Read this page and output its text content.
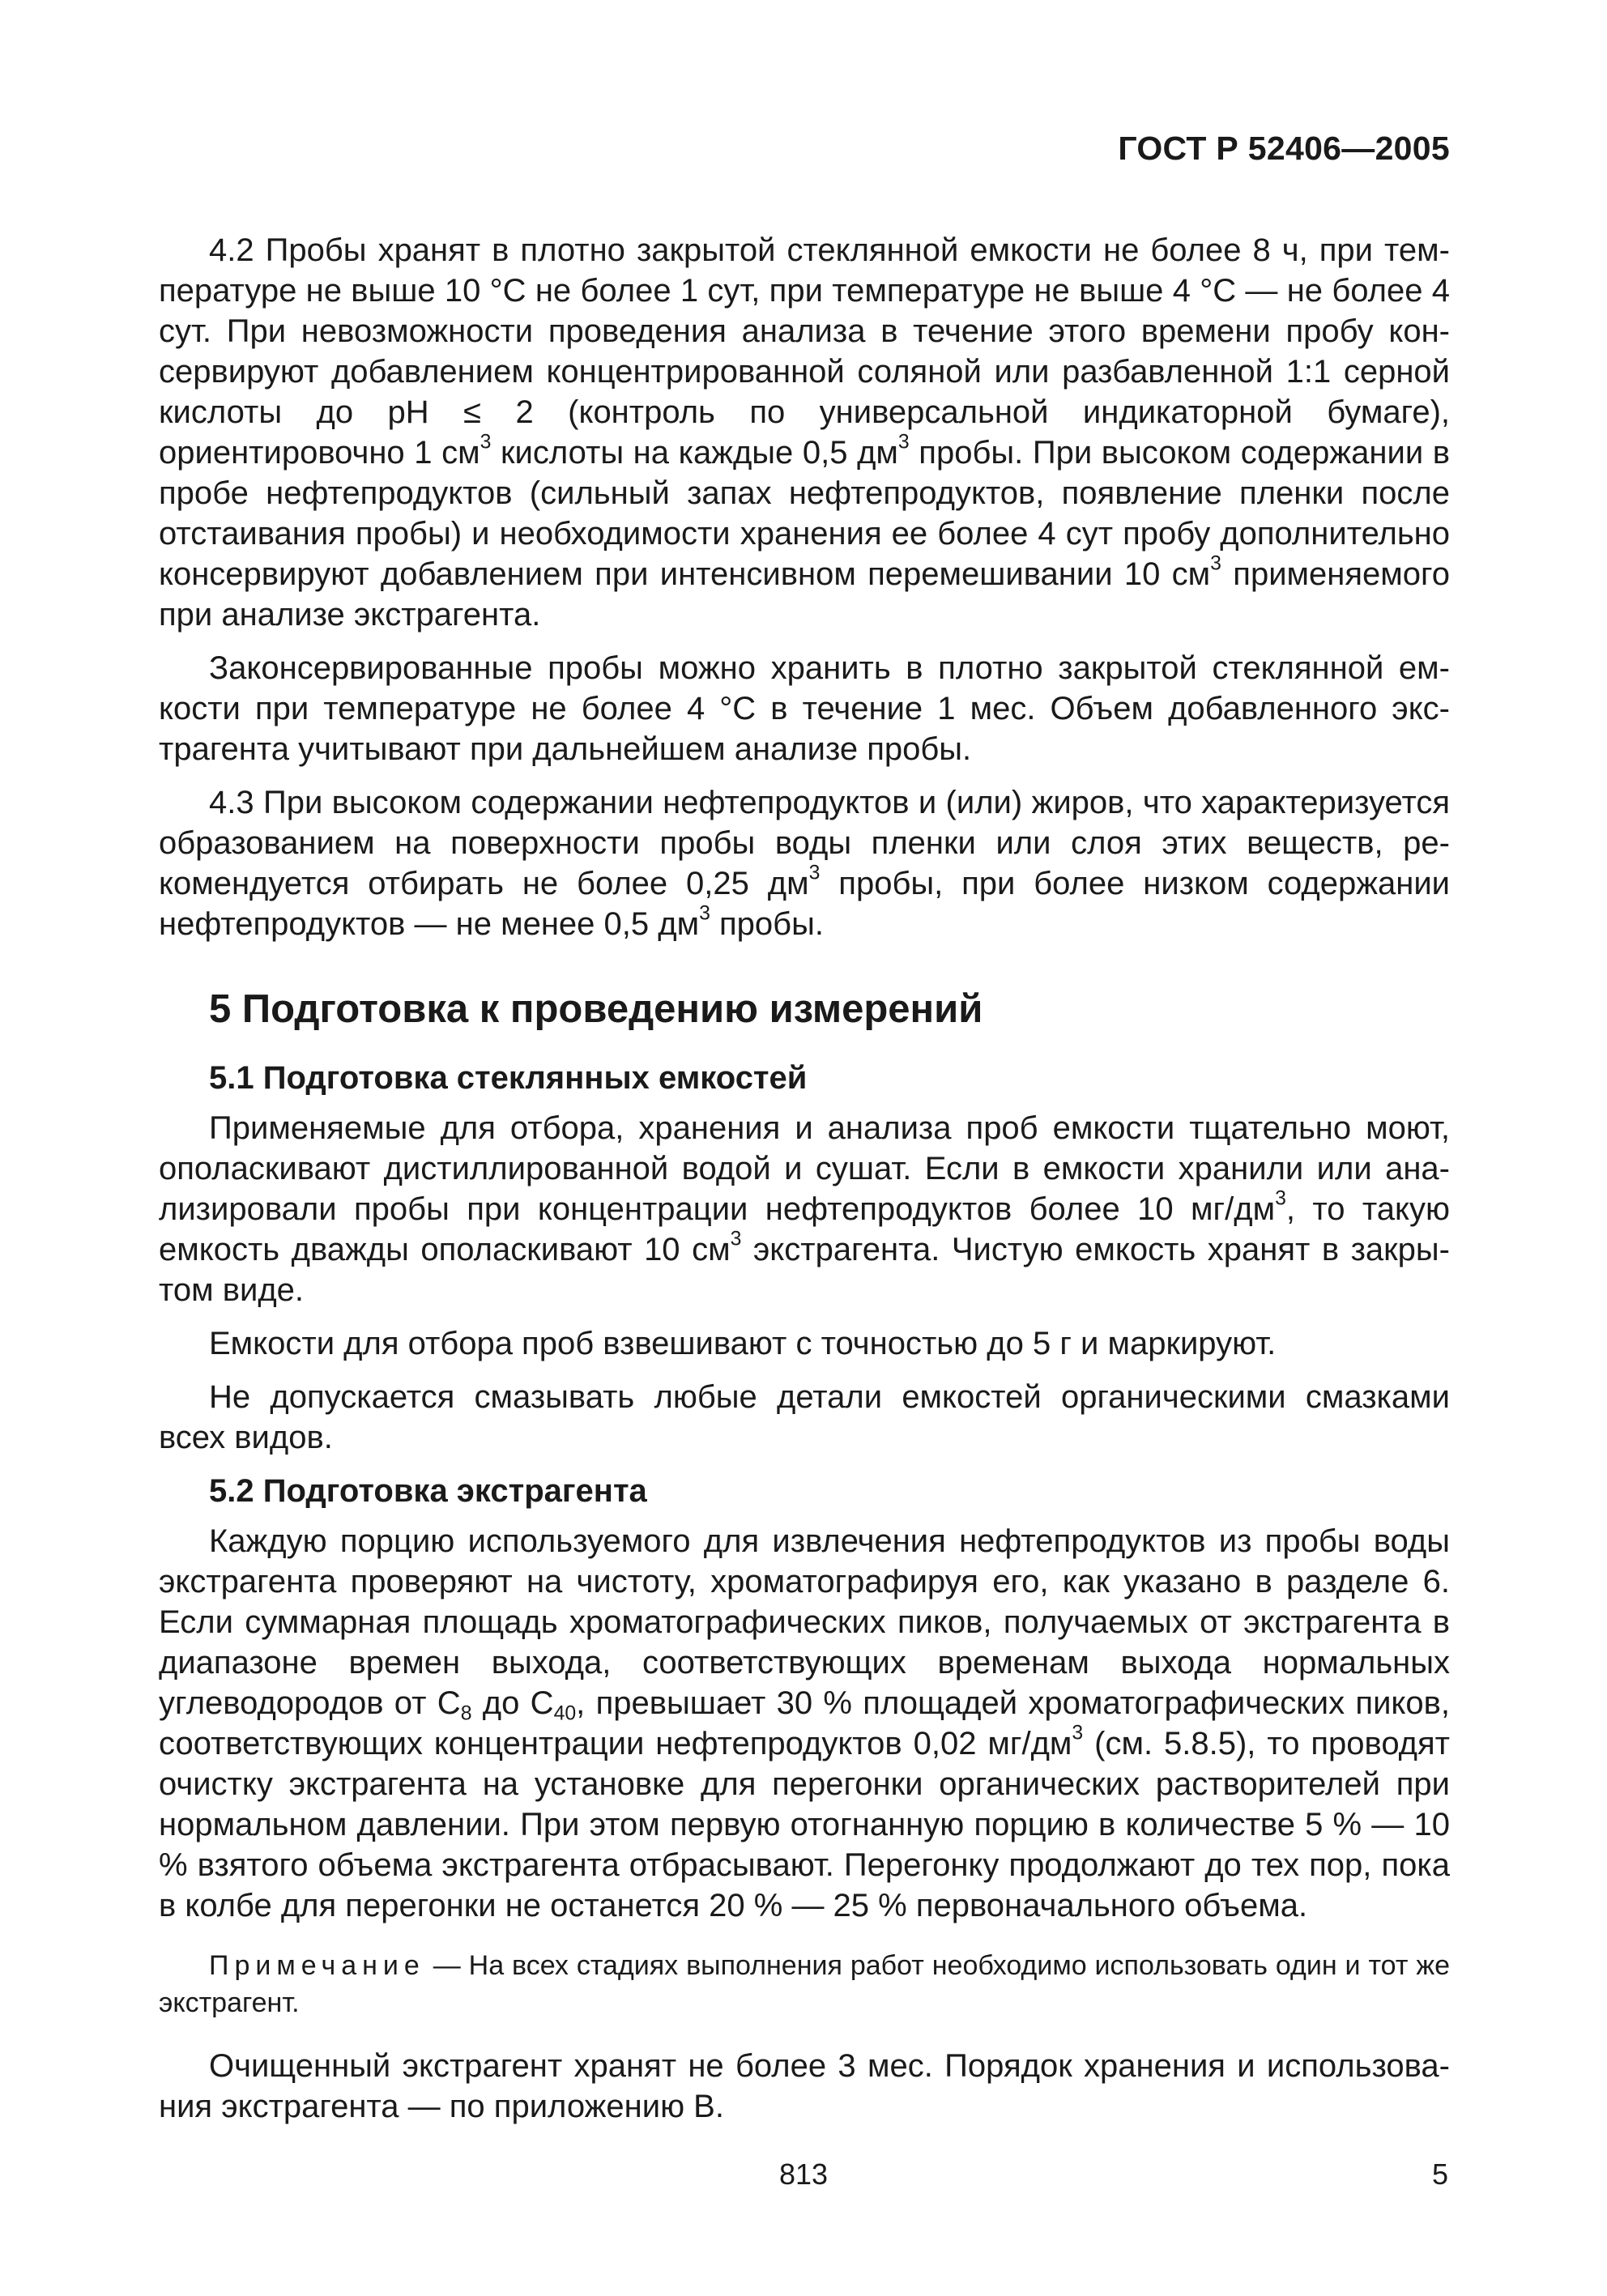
ГОСТ Р 52406—2005

4.2 Пробы хранят в плотно закрытой стеклянной емкости не более 8 ч, при температуре не выше 10 °С не более 1 сут, при температуре не выше 4 °С — не более 4 сут. При невозможности проведения анализа в течение этого времени пробу консервируют добавлением концентрированной соляной или разбавленной 1:1 серной кислоты до pH ≤ 2 (контроль по универсальной индикаторной бумаге), ориентировочно 1 $см^3$ кислоты на каждые 0,5 $дм^3$ пробы. При высоком содержании в пробе нефтепродуктов (сильный запах нефтепродуктов, появление пленки после отстаивания пробы) и необходимости хранения ее более 4 сут пробу дополнительно консервируют добавлением при интенсивном перемешивании 10 $см^3$ применяемого при анализе экстрагента.

Законсервированные пробы можно хранить в плотно закрытой стеклянной емкости при температуре не более 4 °С в течение 1 мес. Объем добавленного экстрагента учитывают при дальнейшем анализе пробы.

4.3 При высоком содержании нефтепродуктов и (или) жиров, что характеризуется образованием на поверхности пробы воды пленки или слоя этих веществ, рекомендуется отбирать не более 0,25 $дм^3$ пробы, при более низком содержании нефтепродуктов — не менее 0,5 $дм^3$ пробы.

5 Подготовка к проведению измерений
5.1 Подготовка стеклянных емкостей

Применяемые для отбора, хранения и анализа проб емкости тщательно моют, ополаскивают дистиллированной водой и сушат. Если в емкости хранили или анализировали пробы при концентрации нефтепродуктов более 10 $мг/дм^3$, то такую емкость дважды ополаскивают 10 $см^3$ экстрагента. Чистую емкость хранят в закрытом виде.

Емкости для отбора проб взвешивают с точностью до 5 г и маркируют.

Не допускается смазывать любые детали емкостей органическими смазками всех видов.

5.2 Подготовка экстрагента

Каждую порцию используемого для извлечения нефтепродуктов из пробы воды экстрагента проверяют на чистоту, хроматографируя его, как указано в разделе 6. Если суммарная площадь хроматографических пиков, получаемых от экстрагента в диапазоне времен выхода, соответствующих временам выхода нормальных углеводородов от $С_8$ до $С_{40}$, превышает 30 % площадей хроматографических пиков, соответствующих концентрации нефтепродуктов 0,02 $мг/дм^3$ (см. 5.8.5), то проводят очистку экстрагента на установке для перегонки органических растворителей при нормальном давлении. При этом первую отогнанную порцию в количестве 5 % — 10 % взятого объема экстрагента отбрасывают. Перегонку продолжают до тех пор, пока в колбе для перегонки не останется 20 % — 25 % первоначального объема.

Примечание — На всех стадиях выполнения работ необходимо использовать один и тот же экстрагент.

Очищенный экстрагент хранят не более 3 мес. Порядок хранения и использования экстрагента — по приложению В.

813	5
